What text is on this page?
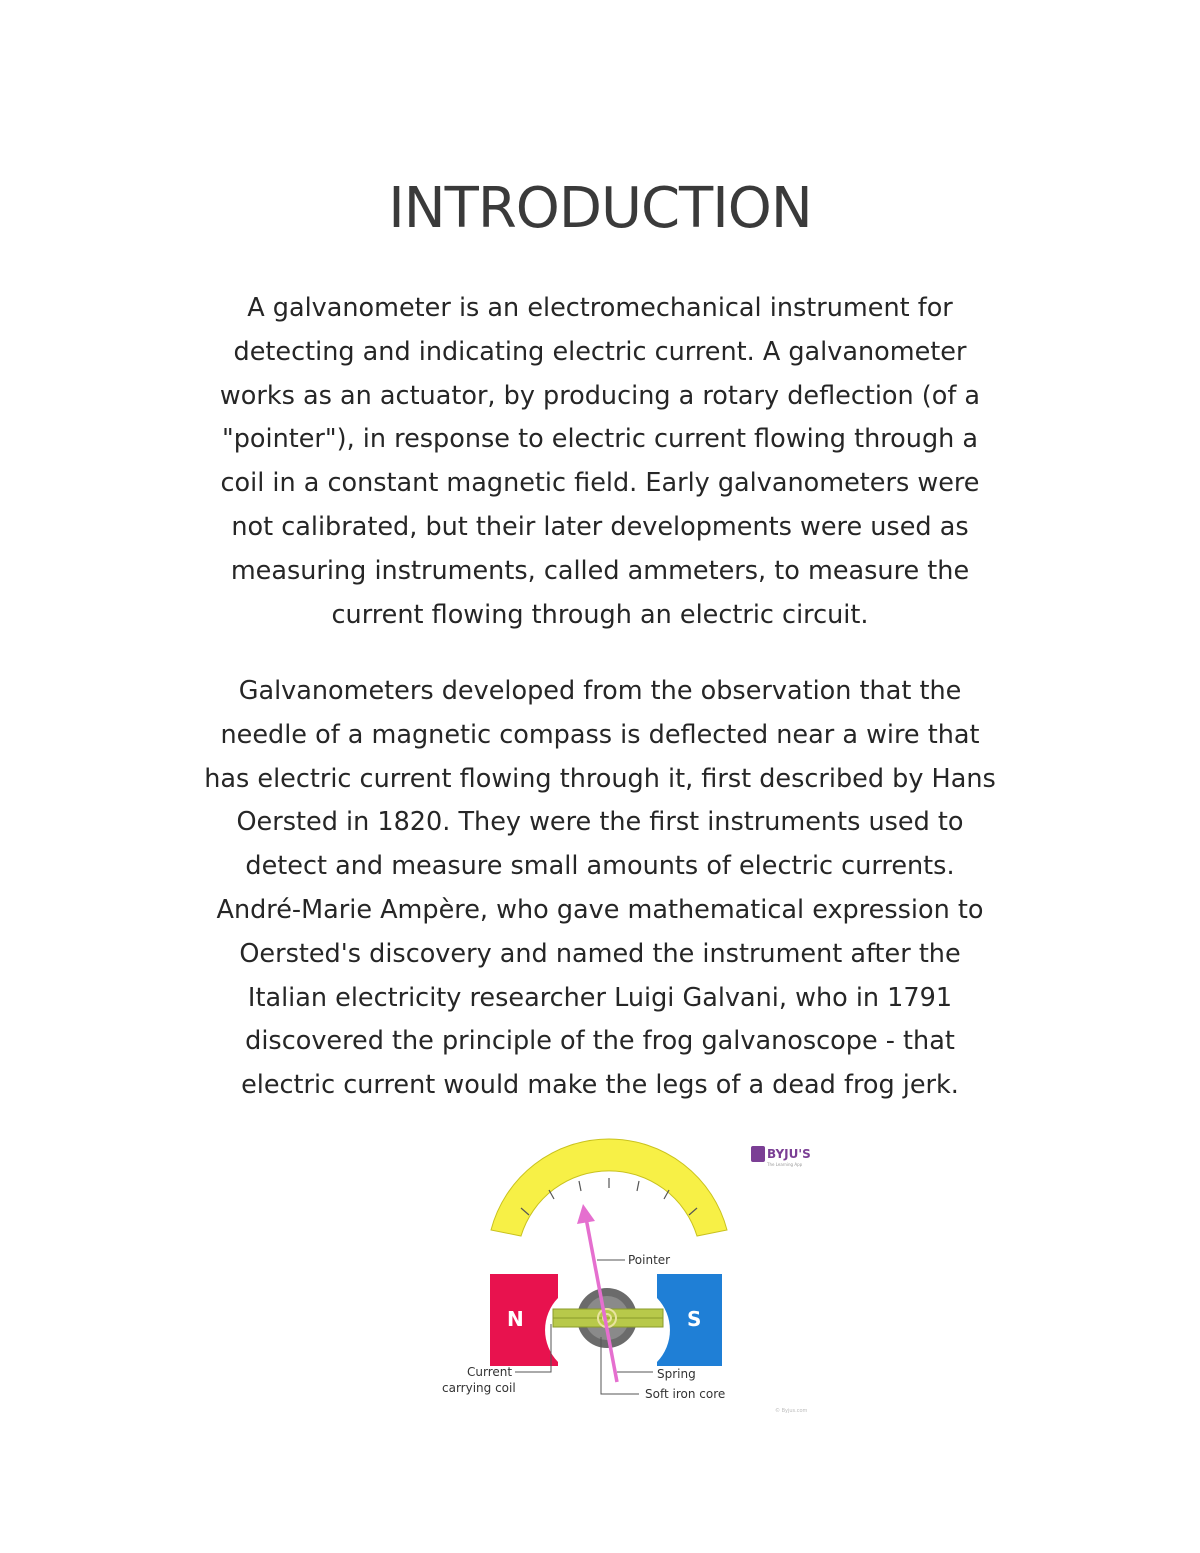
INTRODUCTION

A galvanometer is an electromechanical instrument for
detecting and indicating electric current. A galvanometer
works as an actuator, by producing a rotary deflection (of a
"pointer"), in response to electric current flowing through a
coil in a constant magnetic field. Early galvanometers were
not calibrated, but their later developments were used as
measuring instruments, called ammeters, to measure the
current flowing through an electric circuit.

Galvanometers developed from the observation that the
needle of a magnetic compass is deflected near a wire that
has electric current flowing through it, first described by Hans
Oersted in 1820. They were the first instruments used to
detect and measure small amounts of electric currents.
André-Marie Ampère, who gave mathematical expression to
Oersted's discovery and named the instrument after the
Italian electricity researcher Luigi Galvani, who in 1791
discovered the principle of the frog galvanoscope - that
electric current would make the legs of a dead frog jerk.

BYJU'S
The Learning App
N	S
Pointer
Current
carrying coil
Spring
Soft iron core
© Byjus.com
